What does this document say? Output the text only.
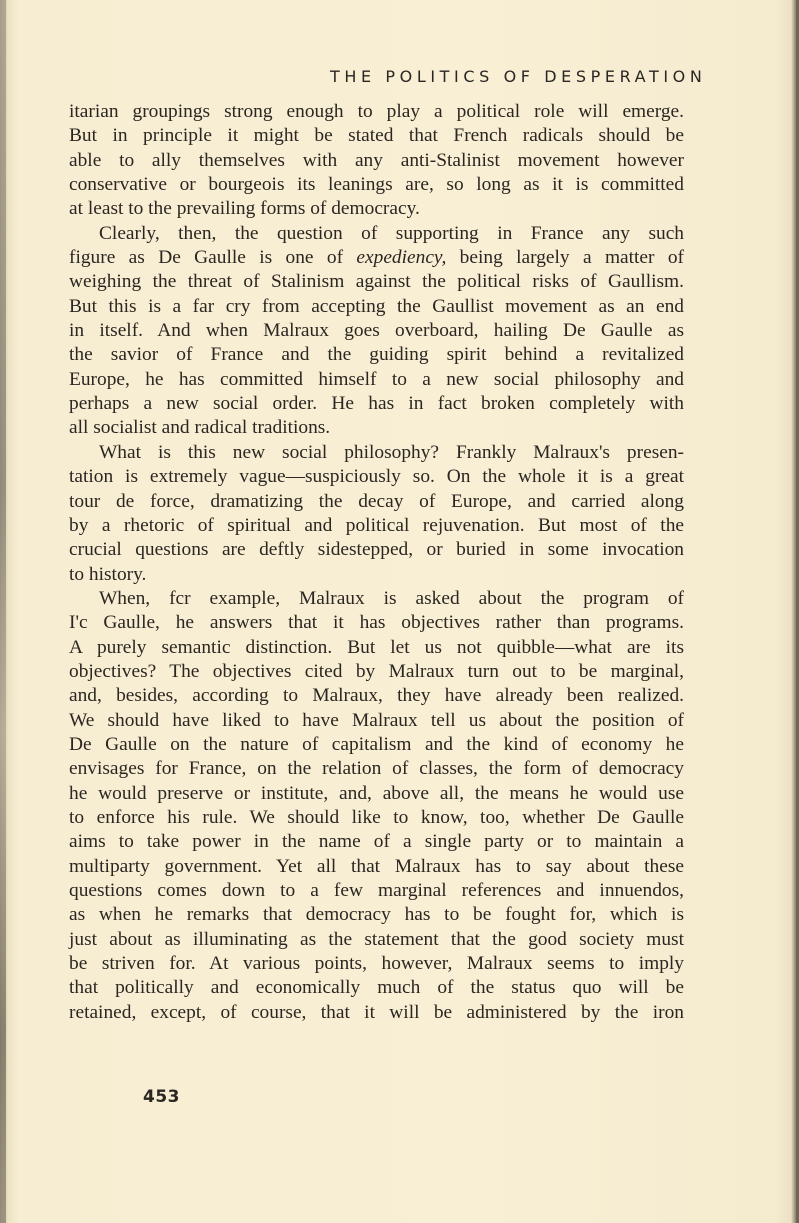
THE POLITICS OF DESPERATION
itarian groupings strong enough to play a political role will emerge.
But in principle it might be stated that French radicals should be
able to ally themselves with any anti-Stalinist movement however
conservative or bourgeois its leanings are, so long as it is committed
at least to the prevailing forms of democracy.
Clearly, then, the question of supporting in France any such
figure as De Gaulle is one of expediency, being largely a matter of
weighing the threat of Stalinism against the political risks of Gaullism.
But this is a far cry from accepting the Gaullist movement as an end
in itself. And when Malraux goes overboard, hailing De Gaulle as
the savior of France and the guiding spirit behind a revitalized
Europe, he has committed himself to a new social philosophy and
perhaps a new social order. He has in fact broken completely with
all socialist and radical traditions.
What is this new social philosophy? Frankly Malraux's presen-
tation is extremely vague—suspiciously so. On the whole it is a great
tour de force, dramatizing the decay of Europe, and carried along
by a rhetoric of spiritual and political rejuvenation. But most of the
crucial questions are deftly sidestepped, or buried in some invocation
to history.
When, fcr example, Malraux is asked about the program of
I'c Gaulle, he answers that it has objectives rather than programs.
A purely semantic distinction. But let us not quibble—what are its
objectives? The objectives cited by Malraux turn out to be marginal,
and, besides, according to Malraux, they have already been realized.
We should have liked to have Malraux tell us about the position of
De Gaulle on the nature of capitalism and the kind of economy he
envisages for France, on the relation of classes, the form of democracy
he would preserve or institute, and, above all, the means he would use
to enforce his rule. We should like to know, too, whether De Gaulle
aims to take power in the name of a single party or to maintain a
multiparty government. Yet all that Malraux has to say about these
questions comes down to a few marginal references and innuendos,
as when he remarks that democracy has to be fought for, which is
just about as illuminating as the statement that the good society must
be striven for. At various points, however, Malraux seems to imply
that politically and economically much of the status quo will be
retained, except, of course, that it will be administered by the iron
453
